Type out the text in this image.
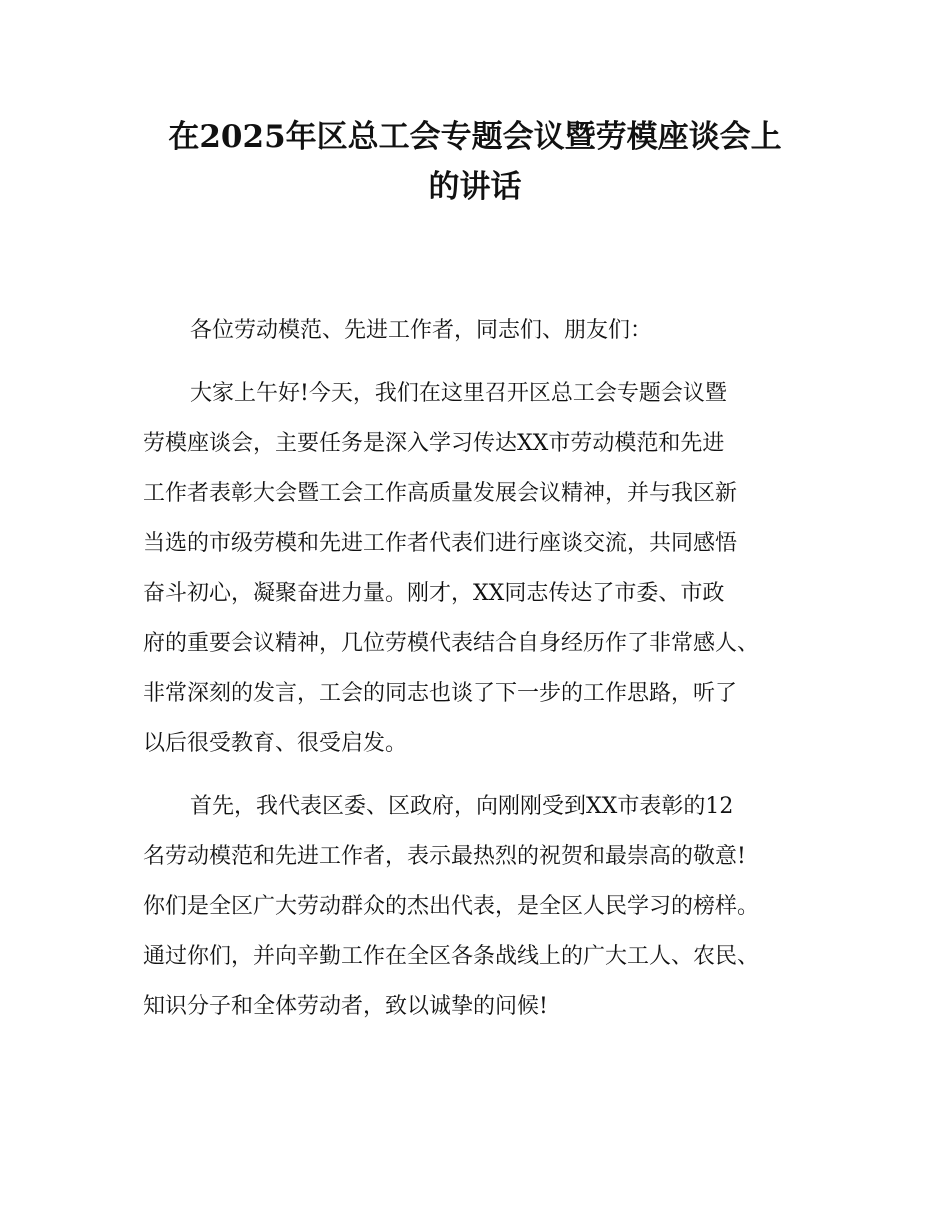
在2025年区总工会专题会议暨劳模座谈会上
的讲话
各位劳动模范、先进工作者，同志们、朋友们：
大家上午好!今天，我们在这里召开区总工会专题会议暨
劳模座谈会，主要任务是深入学习传达XX市劳动模范和先进
工作者表彰大会暨工会工作高质量发展会议精神，并与我区新
当选的市级劳模和先进工作者代表们进行座谈交流，共同感悟
奋斗初心，凝聚奋进力量。刚才，XX同志传达了市委、市政
府的重要会议精神，几位劳模代表结合自身经历作了非常感人、
非常深刻的发言，工会的同志也谈了下一步的工作思路，听了
以后很受教育、很受启发。
首先，我代表区委、区政府，向刚刚受到XX市表彰的12
名劳动模范和先进工作者，表示最热烈的祝贺和最崇高的敬意!
你们是全区广大劳动群众的杰出代表，是全区人民学习的榜样。
通过你们，并向辛勤工作在全区各条战线上的广大工人、农民、
知识分子和全体劳动者，致以诚挚的问候!
